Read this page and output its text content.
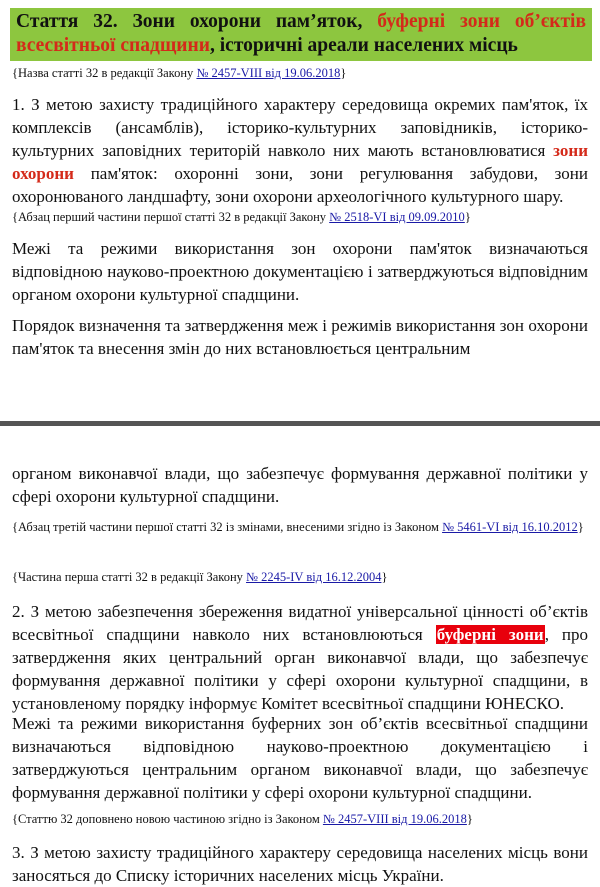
Стаття 32. Зони охорони пам’яток, буферні зони об’єктів всесвітньої спадщини, історичні ареали населених місць
{Назва статті 32 в редакції Закону № 2457-VIII від 19.06.2018}
1. З метою захисту традиційного характеру середовища окремих пам'яток, їх комплексів (ансамблів), історико-культурних заповідників, історико-культурних заповідних територій навколо них мають встановлюватися зони охорони пам'яток: охоронні зони, зони регулювання забудови, зони охоронюваного ландшафту, зони охорони археологічного культурного шару.
{Абзац перший частини першої статті 32 в редакції Закону № 2518-VI від 09.09.2010}
Межі та режими використання зон охорони пам'яток визначаються відповідною науково-проектною документацією і затверджуються відповідним органом охорони культурної спадщини.
Порядок визначення та затвердження меж і режимів використання зон охорони пам'яток та внесення змін до них встановлюється центральним
органом виконавчої влади, що забезпечує формування державної політики у сфері охорони культурної спадщини.
{Абзац третій частини першої статті 32 із змінами, внесеними згідно із Законом № 5461-VI від 16.10.2012}
{Частина перша статті 32 в редакції Закону № 2245-IV від 16.12.2004}
2. З метою забезпечення збереження видатної універсальної цінності об’єктів всесвітньої спадщини навколо них встановлюються буферні зони, про затвердження яких центральний орган виконавчої влади, що забезпечує формування державної політики у сфері охорони культурної спадщини, в установленому порядку інформує Комітет всесвітньої спадщини ЮНЕСКО.
Межі та режими використання буферних зон об’єктів всесвітньої спадщини визначаються відповідною науково-проектною документацією і затверджуються центральним органом виконавчої влади, що забезпечує формування державної політики у сфері охорони культурної спадщини.
{Статтю 32 доповнено новою частиною згідно із Законом № 2457-VIII від 19.06.2018}
3. З метою захисту традиційного характеру середовища населених місць вони заносяться до Списку історичних населених місць України.
